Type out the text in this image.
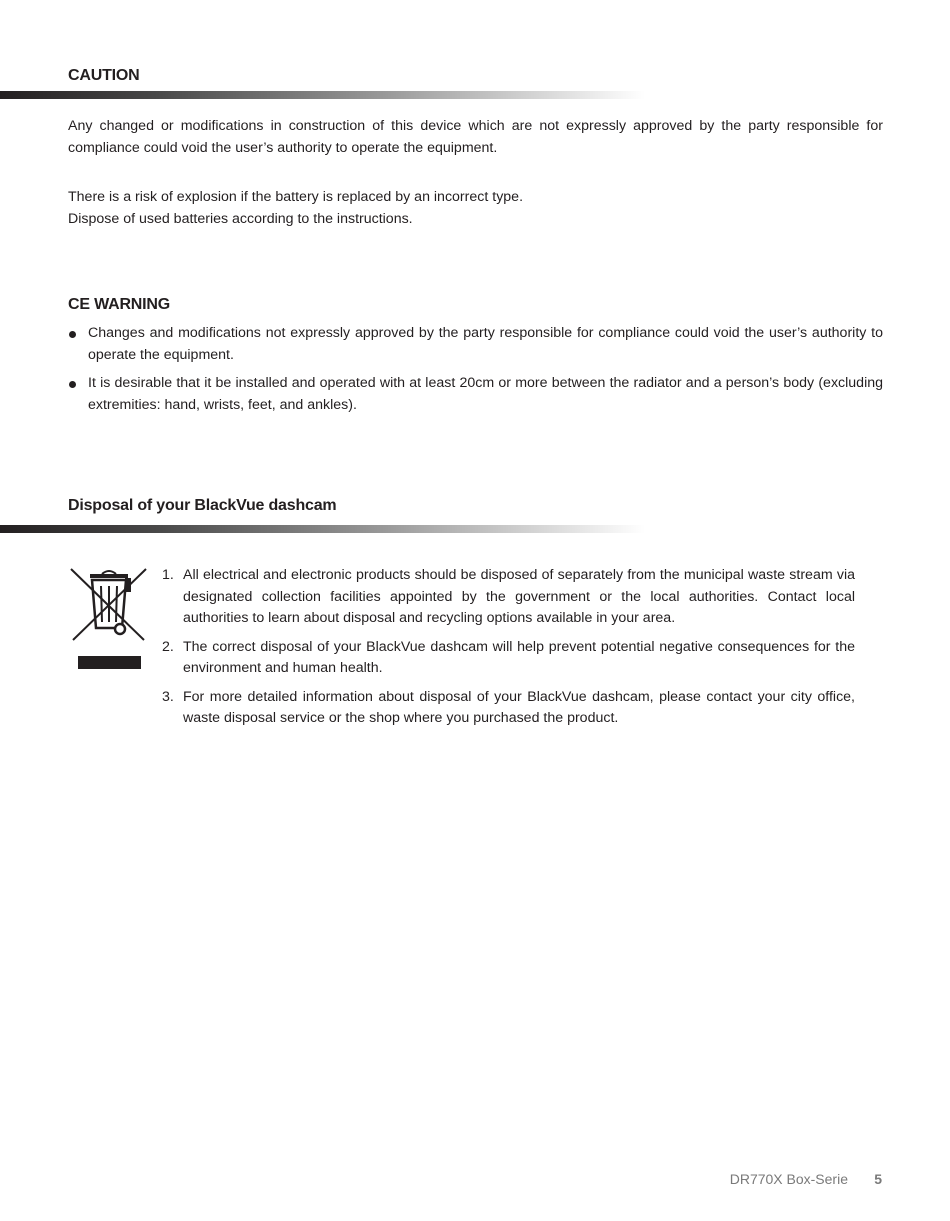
CAUTION

Any changed or modifications in construction of this device which are not expressly approved by the party responsible for compliance could void the user’s authority to operate the equipment.

There is a risk of explosion if the battery is replaced by an incorrect type.
Dispose of used batteries according to the instructions.

CE WARNING
Changes and modifications not expressly approved by the party responsible for compliance could void the user’s authority to operate the equipment.
It is desirable that it be installed and operated with at least 20cm or more between the radiator and a person’s body (excluding extremities: hand, wrists, feet, and ankles).
Disposal of your BlackVue dashcam
1. All electrical and electronic products should be disposed of separately from the municipal waste stream via designated collection facilities appointed by the government or the local authorities. Contact local authorities to learn about disposal and recycling options available in your area.
2. The correct disposal of your BlackVue dashcam will help prevent potential negative consequences for the environment and human health.
3. For more detailed information about disposal of your BlackVue dashcam, please contact your city office, waste disposal service or the shop where you purchased the product.
DR770X Box-Serie 5
